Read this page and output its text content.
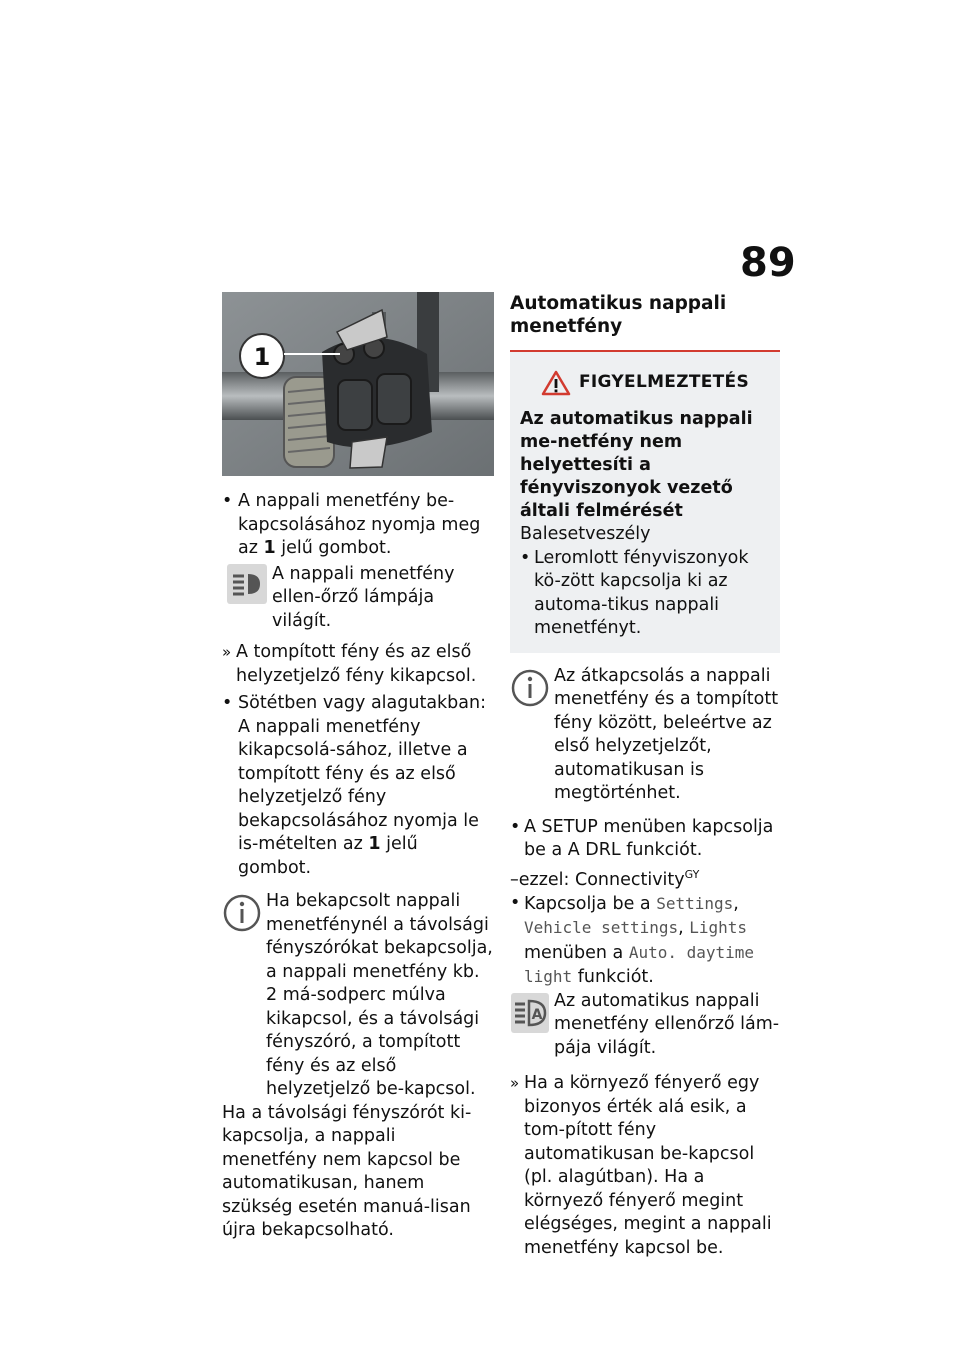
89
1
• A nappali menetfény be-kapcsolásához nyomja meg az 1 jelű gombot.
A nappali menetfény ellen-őrző lámpája világít.
» A tompított fény és az első helyzetjelző fény kikapcsol.
• Sötétben vagy alagutakban: A nappali menetfény kikapcsolá-sához, illetve a tompított fény és az első helyzetjelző fény bekapcsolásához nyomja le is-mételten az 1 jelű gombot.
Ha bekapcsolt nappali menetfénynél a távolsági fényszórókat bekapcsolja, a nappali menetfény kb. 2 má-sodperc múlva kikapcsol, és a távolsági fényszóró, a tompított fény és az első helyzetjelző be-kapcsol.
Ha a távolsági fényszórót ki-kapcsolja, a nappali menetfény nem kapcsol be automatikusan, hanem szükség esetén manuá-lisan újra bekapcsolható.
Automatikus nappali menetfény
FIGYELMEZTETÉS
Az automatikus nappali me-netfény nem helyettesíti a fényviszonyok vezető általi felmérését
Balesetveszély
• Leromlott fényviszonyok kö-zött kapcsolja ki az automa-tikus nappali menetfényt.
Az átkapcsolás a nappali menetfény és a tompított fény között, beleértve az első helyzetjelzőt, automatikusan is megtörténhet.
• A SETUP menüben kapcsolja be a A DRL funkciót.
–ezzel: Connectivity$^{GY}$
• Kapcsolja be a Settings, Vehicle settings, Lights menüben a Auto. daytime light funkciót.
A
Az automatikus nappali menetfény ellenőrző lám-pája világít.
» Ha a környező fényerő egy bizonyos érték alá esik, a tom-pított fény automatikusan be-kapcsol (pl. alagútban). Ha a környező fényerő megint elégséges, megint a nappali menetfény kapcsol be.
